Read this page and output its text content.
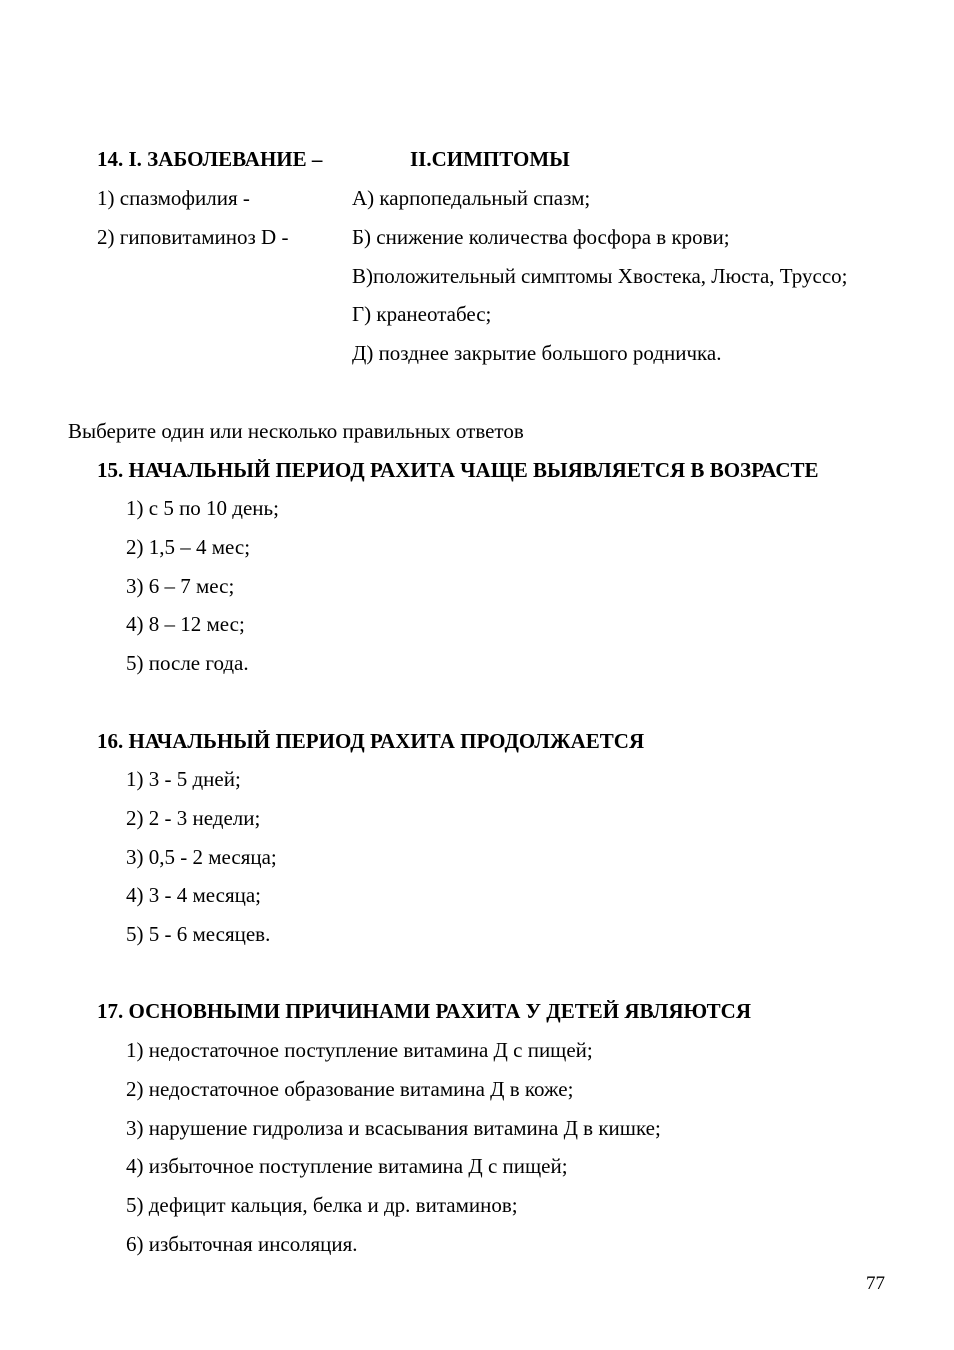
14. I. ЗАБОЛЕВАНИЕ –	II.СИМПТОМЫ
1) спазмофилия -
2) гиповитаминоз D -
А) карпопедальный спазм;
Б) снижение количества фосфора в крови;
В)положительный симптомы Хвостека, Люста, Труссо;
Г) кранеотабес;
Д) позднее закрытие большого родничка.
Выберите один или несколько правильных ответов
15. НАЧАЛЬНЫЙ ПЕРИОД РАХИТА ЧАЩЕ ВЫЯВЛЯЕТСЯ В ВОЗРАСТЕ
1) с 5 по 10 день;
2) 1,5 – 4 мес;
3) 6 – 7 мес;
4) 8 – 12 мес;
5) после года.
16. НАЧАЛЬНЫЙ ПЕРИОД РАХИТА ПРОДОЛЖАЕТСЯ
1) 3 - 5 дней;
2) 2 - 3 недели;
3) 0,5 - 2 месяца;
4) 3 - 4 месяца;
5) 5 - 6 месяцев.
17. ОСНОВНЫМИ ПРИЧИНАМИ РАХИТА У ДЕТЕЙ ЯВЛЯЮТСЯ
1) недостаточное поступление витамина Д с пищей;
2) недостаточное образование витамина Д в коже;
3) нарушение гидролиза и всасывания витамина Д в кишке;
4) избыточное поступление витамина Д с пищей;
5) дефицит кальция, белка и др. витаминов;
6) избыточная инсоляция.
77
